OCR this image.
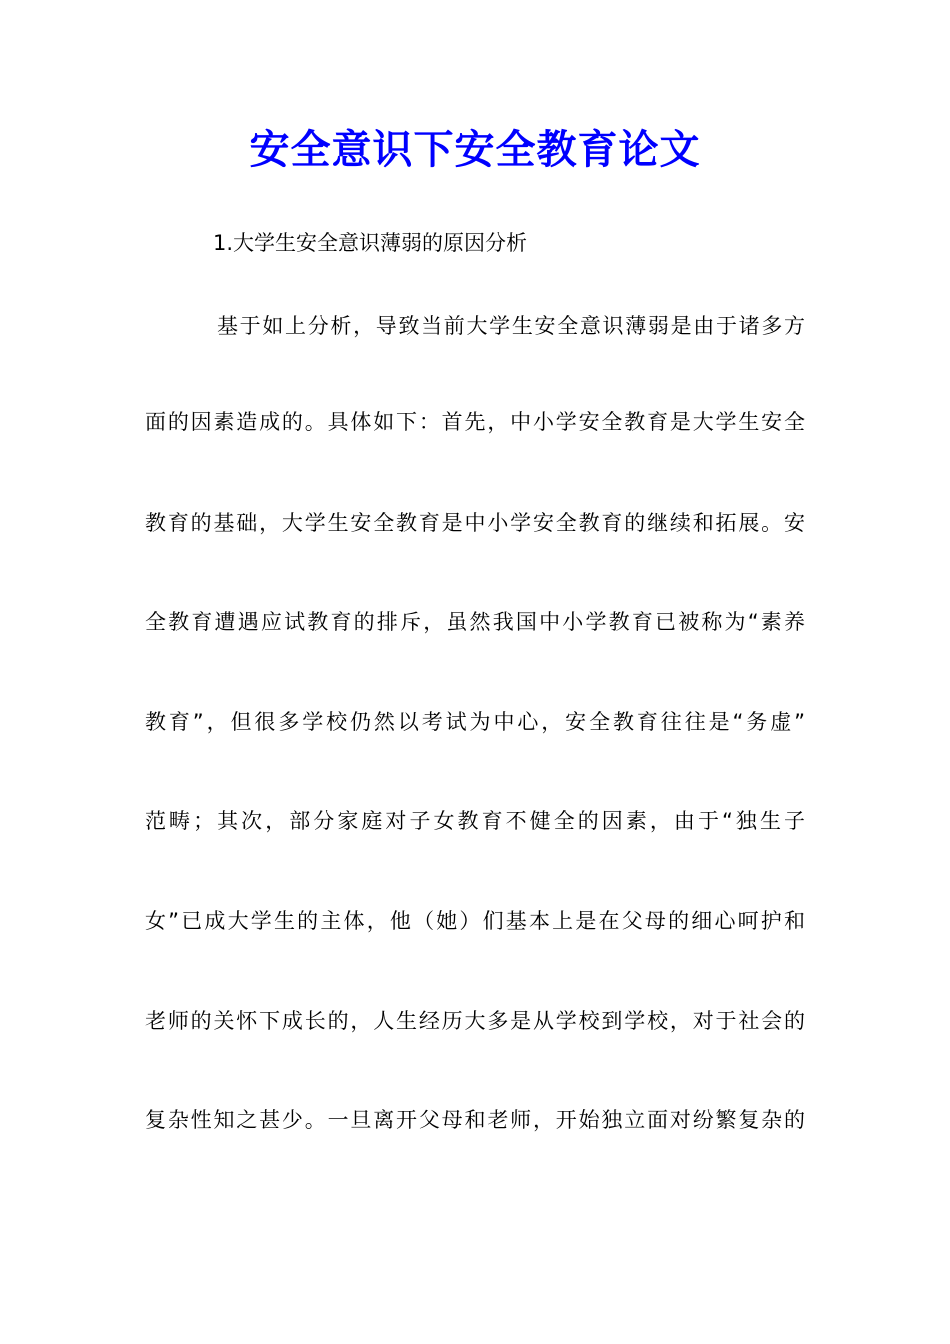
安全意识下安全教育论文

1.大学生安全意识薄弱的原因分析

基于如上分析，导致当前大学生安全意识薄弱是由于诸多方

面的因素造成的。具体如下：首先，中小学安全教育是大学生安全

教育的基础，大学生安全教育是中小学安全教育的继续和拓展。安

全教育遭遇应试教育的排斥，虽然我国中小学教育已被称为“素养

教育”，但很多学校仍然以考试为中心，安全教育往往是“务虚”

范畴；其次，部分家庭对子女教育不健全的因素，由于“独生子

女”已成大学生的主体，他（她）们基本上是在父母的细心呵护和

老师的关怀下成长的，人生经历大多是从学校到学校，对于社会的

复杂性知之甚少。一旦离开父母和老师，开始独立面对纷繁复杂的
